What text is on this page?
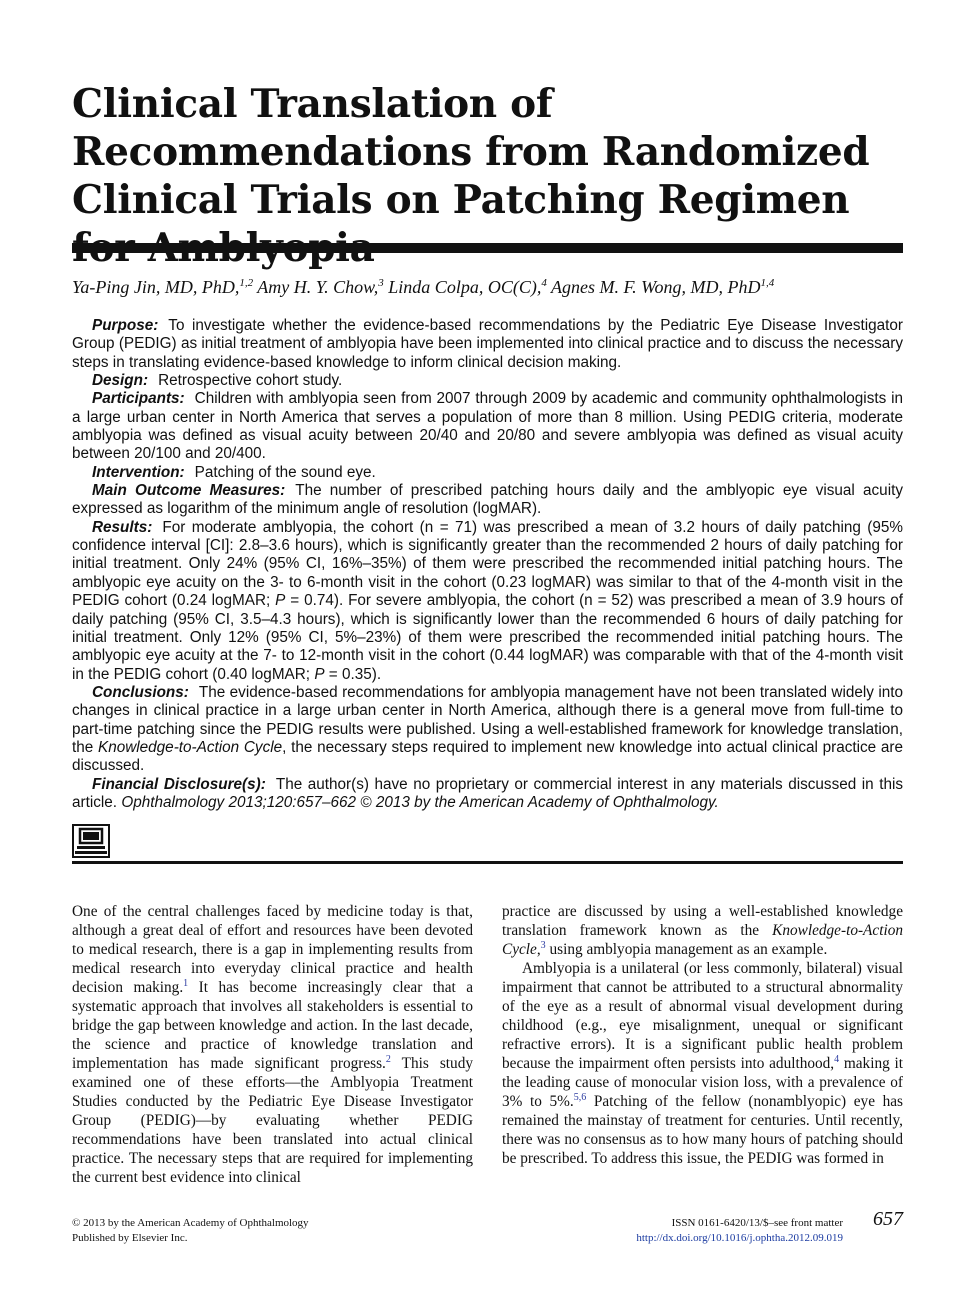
Clinical Translation of Recommendations from Randomized Clinical Trials on Patching Regimen
Ya-Ping Jin, MD, PhD,$^{1,2}$ Amy H. Y. Chow,$^3$ Linda Colpa, OC(C),$^4$ Agnes M. F. Wong, MD, PhD$^{1,4}$

Purpose: To investigate whether the evidence-based recommendations by the Pediatric Eye Disease Investigator Group (PEDIG) as initial treatment of amblyopia have been implemented into clinical practice and to discuss the necessary steps in translating evidence-based knowledge to inform clinical decision making.

Design: Retrospective cohort study.

Participants: Children with amblyopia seen from 2007 through 2009 by academic and community ophthalmologists in a large urban center in North America that serves a population of more than 8 million. Using PEDIG criteria, moderate amblyopia was defined as visual acuity between 20/40 and 20/80 and severe amblyopia was defined as visual acuity between 20/100 and 20/400.

Intervention: Patching of the sound eye.

Main Outcome Measures: The number of prescribed patching hours daily and the amblyopic eye visual acuity expressed as logarithm of the minimum angle of resolution (logMAR).

Results: For moderate amblyopia, the cohort (n = 71) was prescribed a mean of 3.2 hours of daily patching (95% confidence interval [CI]: 2.8–3.6 hours), which is significantly greater than the recommended 2 hours of daily patching for initial treatment. Only 24% (95% CI, 16%–35%) of them were prescribed the recommended initial patching hours. The amblyopic eye acuity on the 3- to 6-month visit in the cohort (0.23 logMAR) was similar to that of the 4-month visit in the PEDIG cohort (0.24 logMAR; P = 0.74). For severe amblyopia, the cohort (n = 52) was prescribed a mean of 3.9 hours of daily patching (95% CI, 3.5–4.3 hours), which is significantly lower than the recommended 6 hours of daily patching for initial treatment. Only 12% (95% CI, 5%–23%) of them were prescribed the recommended initial patching hours. The amblyopic eye acuity at the 7- to 12-month visit in the cohort (0.44 logMAR) was comparable with that of the 4-month visit in the PEDIG cohort (0.40 logMAR; P = 0.35).

Conclusions: The evidence-based recommendations for amblyopia management have not been translated widely into changes in clinical practice in a large urban center in North America, although there is a general move from full-time to part-time patching since the PEDIG results were published. Using a well-established framework for knowledge translation, the Knowledge-to-Action Cycle, the necessary steps required to implement new knowledge into actual clinical practice are discussed.

Financial Disclosure(s): The author(s) have no proprietary or commercial interest in any materials discussed in this article. Ophthalmology 2013;120:657–662 © 2013 by the American Academy of Ophthalmology.

One of the central challenges faced by medicine today is that, although a great deal of effort and resources have been devoted to medical research, there is a gap in implementing results from medical research into everyday clinical practice and health decision making.$^1$ It has become increasingly clear that a systematic approach that involves all stakeholders is essential to bridge the gap between knowledge and action. In the last decade, the science and practice of knowledge translation and implementation has made significant progress.$^2$ This study examined one of these efforts—the Amblyopia Treatment Studies conducted by the Pediatric Eye Disease Investigator Group (PEDIG)—by evaluating whether PEDIG recommendations have been translated into actual clinical practice. The necessary steps that are required for implementing the current best evidence into clinical

practice are discussed by using a well-established knowledge translation framework known as the Knowledge-to-Action Cycle,$^3$ using amblyopia management as an example.

Amblyopia is a unilateral (or less commonly, bilateral) visual impairment that cannot be attributed to a structural abnormality of the eye as a result of abnormal visual development during childhood (e.g., eye misalignment, unequal or significant refractive errors). It is a significant public health problem because the impairment often persists into adulthood,$^4$ making it the leading cause of monocular vision loss, with a prevalence of 3% to 5%.$^{5,6}$ Patching of the fellow (nonamblyopic) eye has remained the mainstay of treatment for centuries. Until recently, there was no consensus as to how many hours of patching should be prescribed. To address this issue, the PEDIG was formed in

© 2013 by the American Academy of Ophthalmology
Published by Elsevier Inc.
ISSN 0161-6420/13/$–see front matter
http://dx.doi.org/10.1016/j.ophtha.2012.09.019
657
